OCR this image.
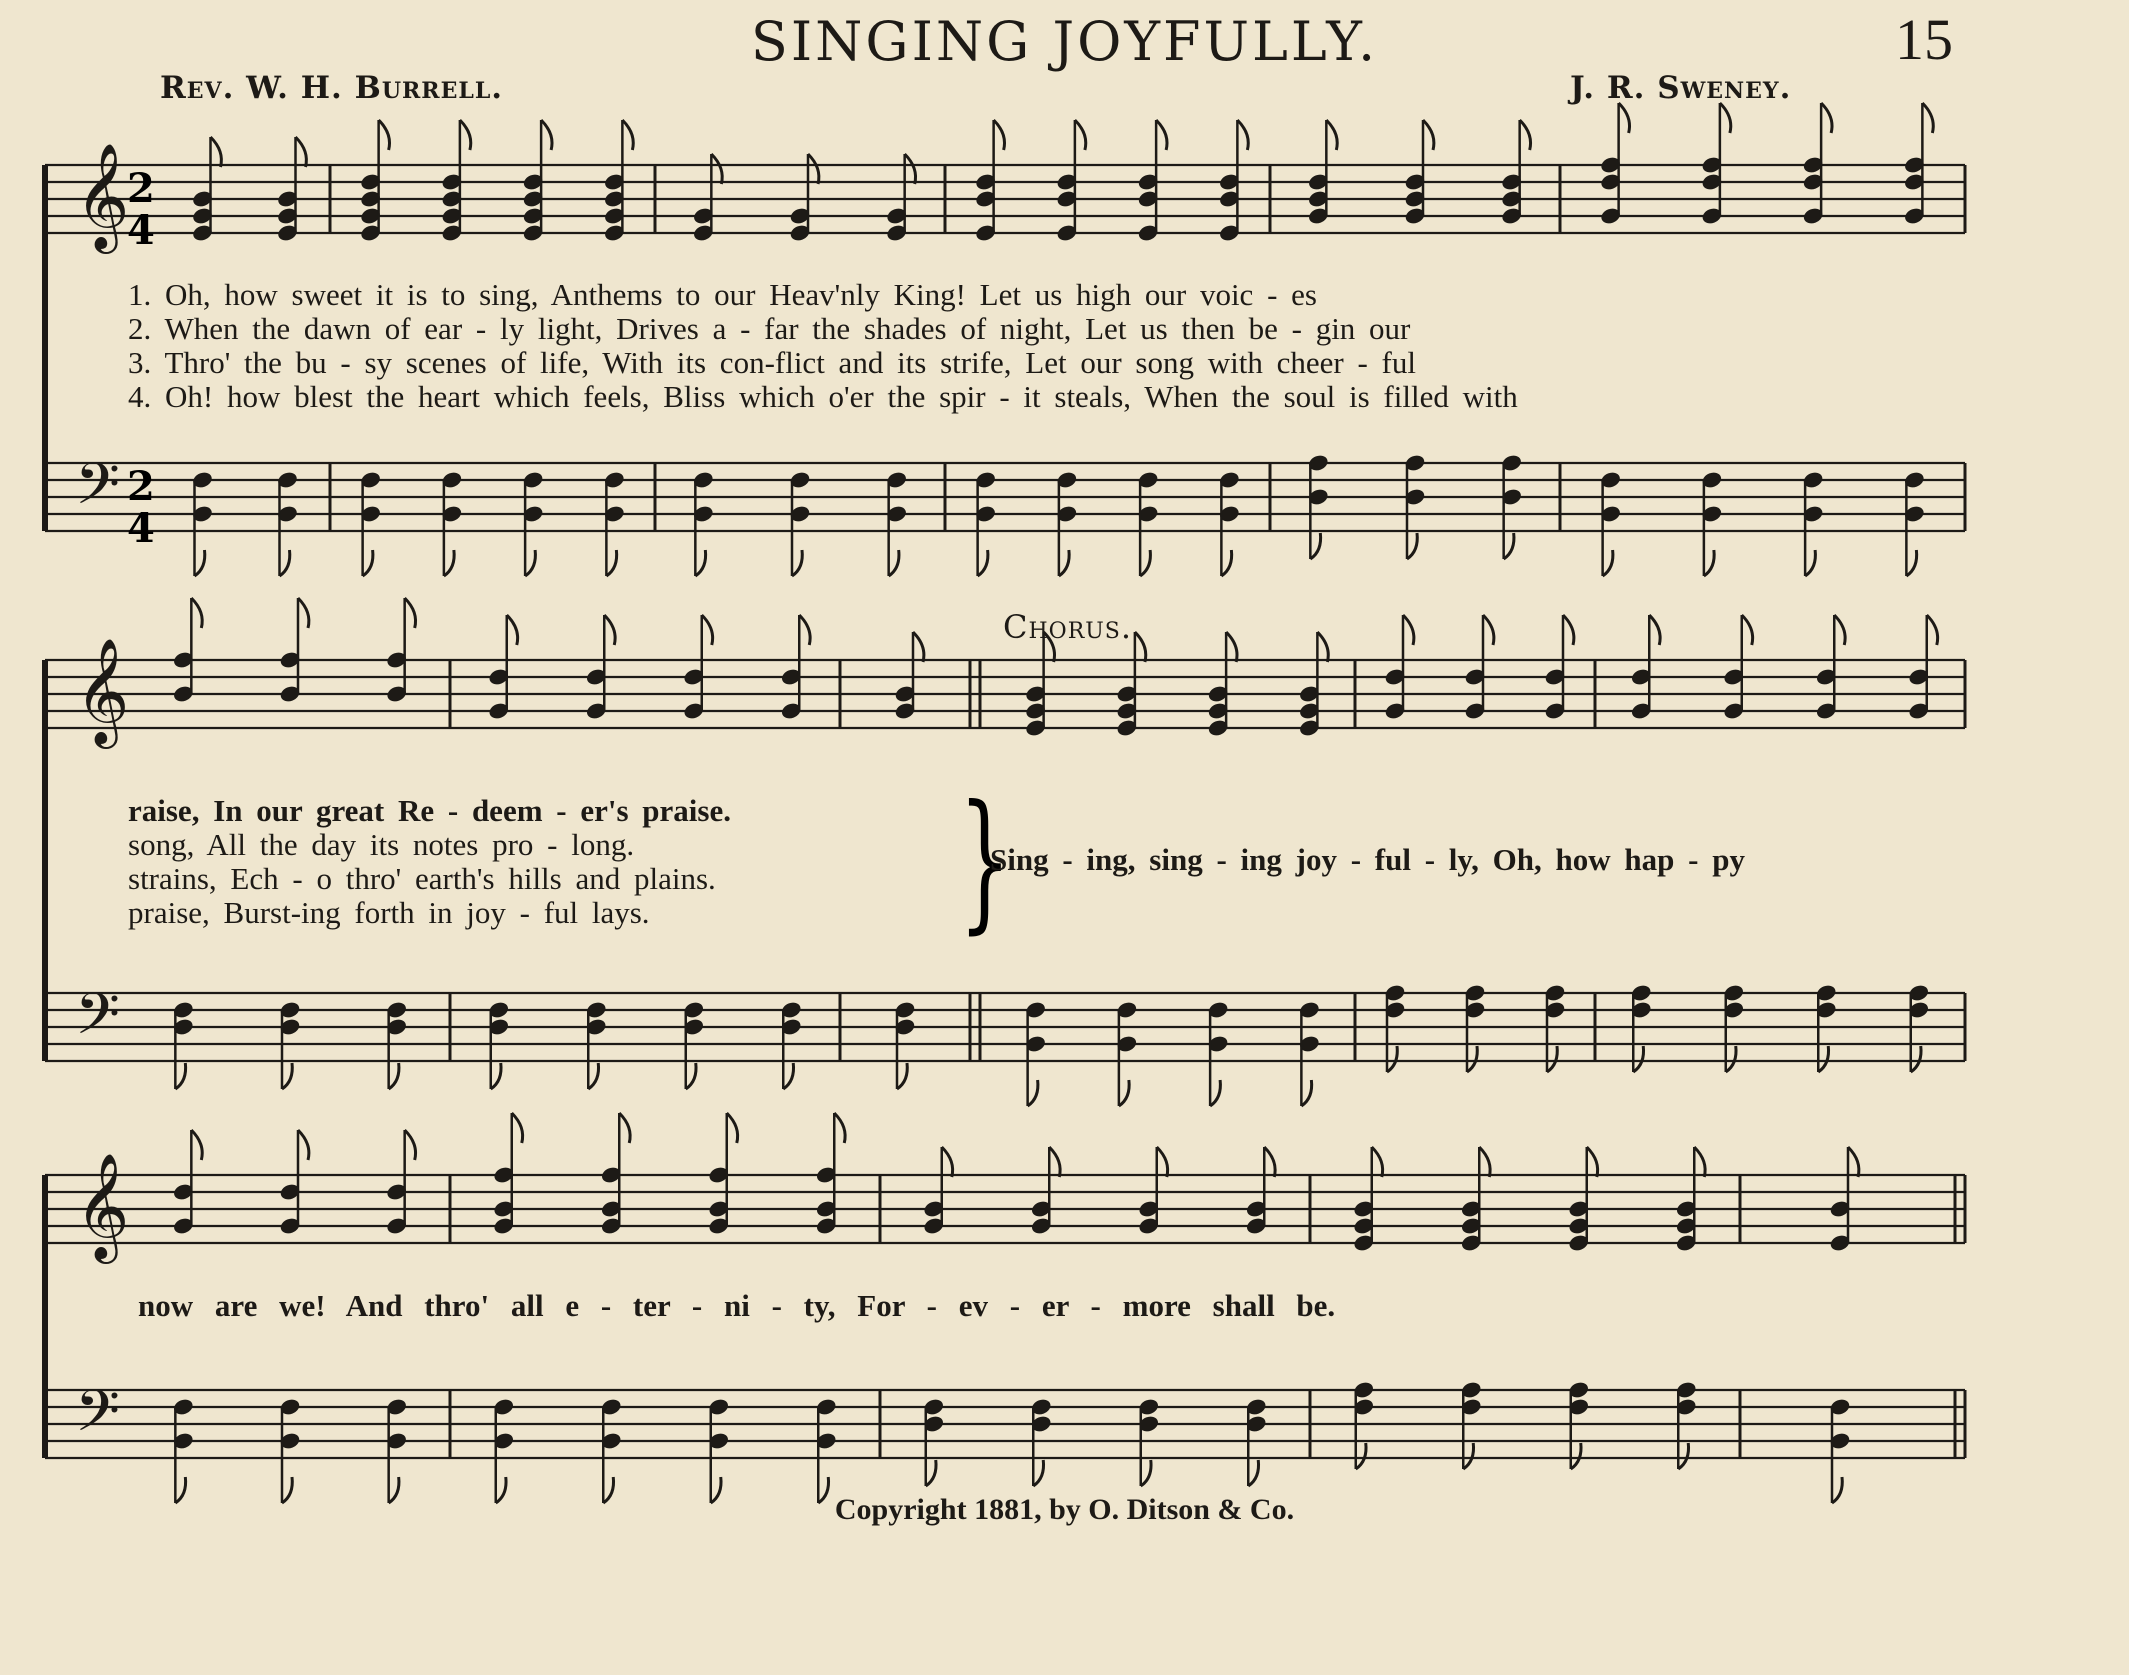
SINGING JOYFULLY.	15
Rev. W. H. Burrell.	J. R. Sweney.
𝄞
𝄢
𝄞
𝄢
𝄞
𝄢
2
4
2
4
}
1. Oh, how sweet it is to sing, Anthems to our Heav'nly King! Let us high our voic - es
2. When the dawn of ear - ly light, Drives a - far the shades of night, Let us then be - gin our
3. Thro' the bu - sy scenes of life, With its con-flict and its strife, Let our song with cheer - ful
4. Oh! how blest the heart which feels, Bliss which o'er the spir - it steals, When the soul is filled with
raise, In our great Re - deem - er's praise.
song, All the day its notes pro - long.
strains, Ech - o thro' earth's hills and plains.
praise, Burst-ing forth in joy - ful lays.
Chorus.
Sing - ing, sing - ing joy - ful - ly, Oh, how hap - py
now are we! And thro' all e - ter - ni - ty, For - ev - er - more shall be.
Copyright 1881, by O. Ditson & Co.
